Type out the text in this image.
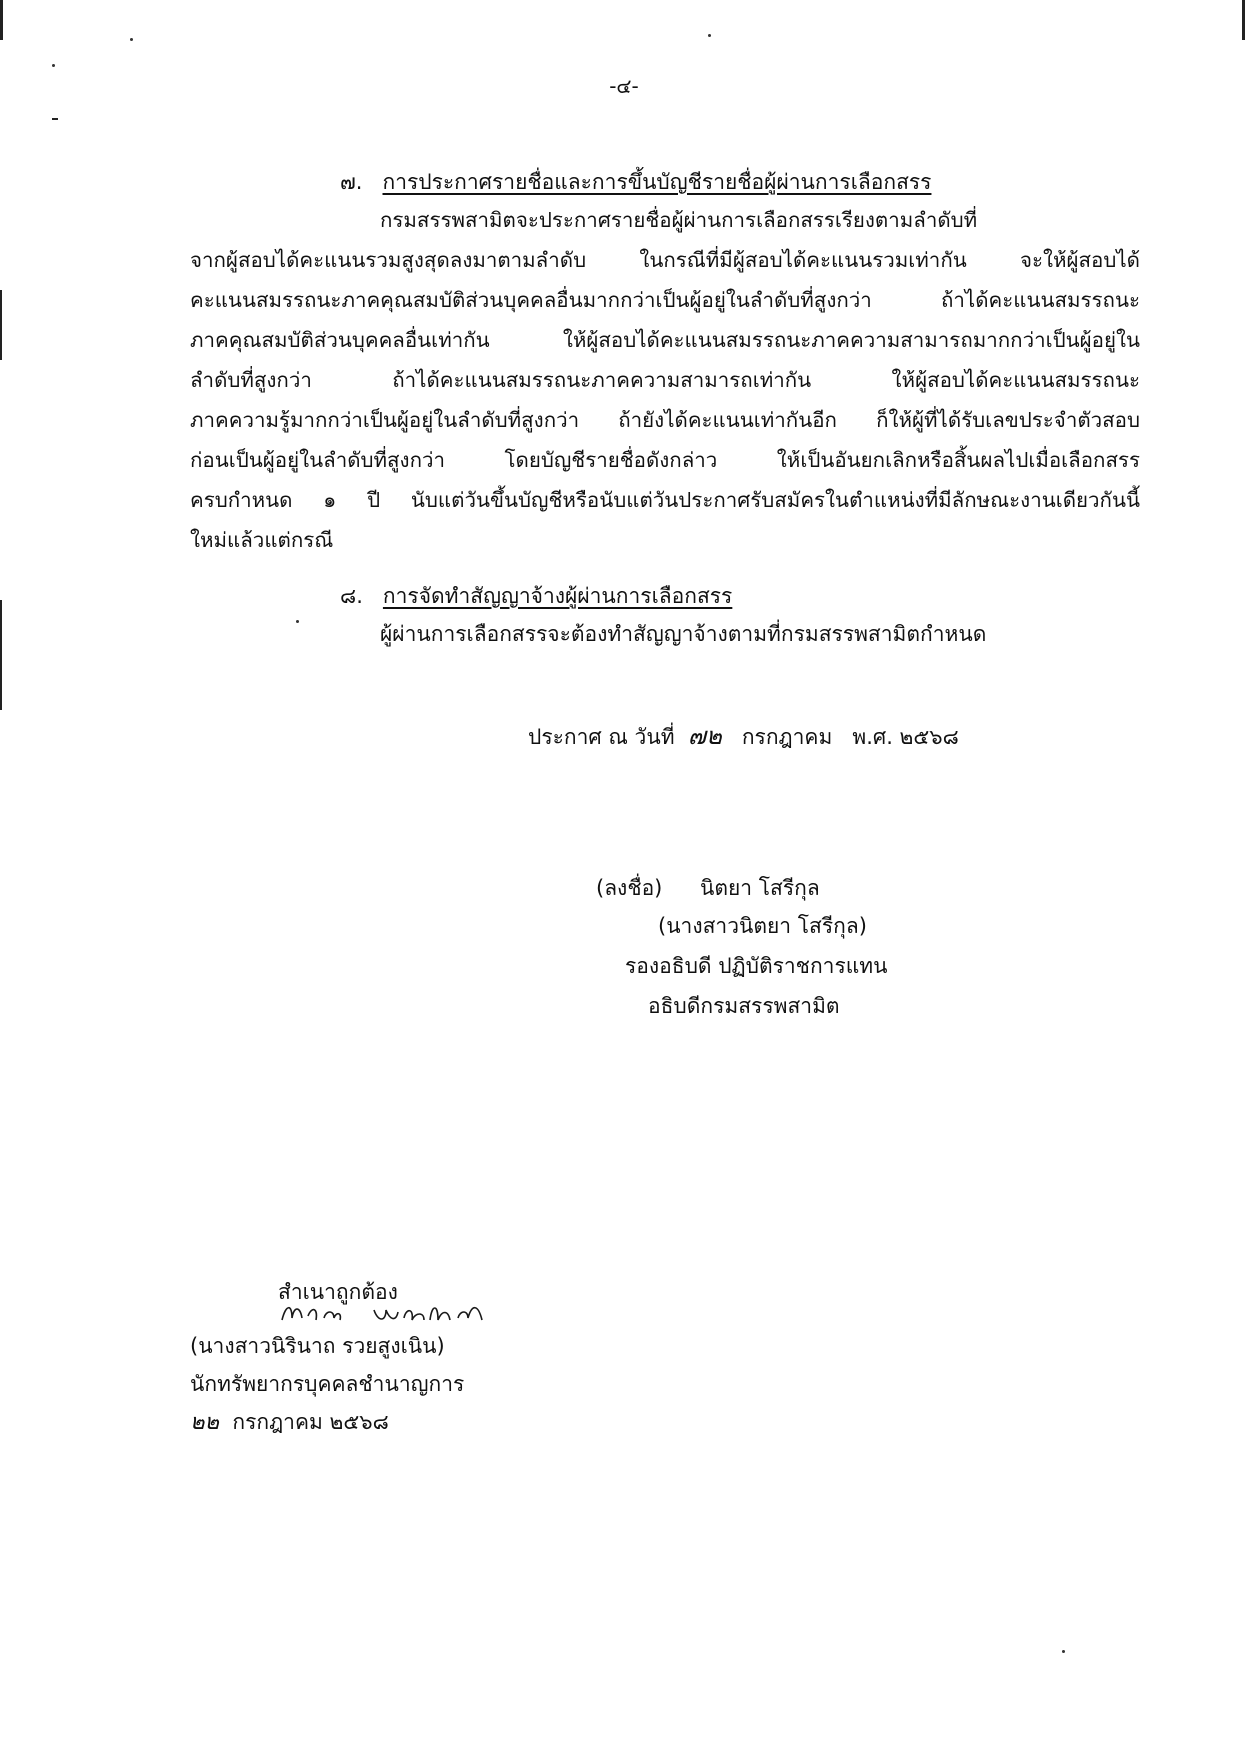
-๔-
๗. การประกาศรายชื่อและการขึ้นบัญชีรายชื่อผู้ผ่านการเลือกสรร
กรมสรรพสามิตจะประกาศรายชื่อผู้ผ่านการเลือกสรรเรียงตามลำดับที่
จากผู้สอบได้คะแนนรวมสูงสุดลงมาตามลำดับ ในกรณีที่มีผู้สอบได้คะแนนรวมเท่ากัน จะให้ผู้สอบได้
คะแนนสมรรถนะภาคคุณสมบัติส่วนบุคคลอื่นมากกว่าเป็นผู้อยู่ในลำดับที่สูงกว่า ถ้าได้คะแนนสมรรถนะ
ภาคคุณสมบัติส่วนบุคคลอื่นเท่ากัน ให้ผู้สอบได้คะแนนสมรรถนะภาคความสามารถมากกว่าเป็นผู้อยู่ใน
ลำดับที่สูงกว่า ถ้าได้คะแนนสมรรถนะภาคความสามารถเท่ากัน ให้ผู้สอบได้คะแนนสมรรถนะ
ภาคความรู้มากกว่าเป็นผู้อยู่ในลำดับที่สูงกว่า ถ้ายังได้คะแนนเท่ากันอีก ก็ให้ผู้ที่ได้รับเลขประจำตัวสอบ
ก่อนเป็นผู้อยู่ในลำดับที่สูงกว่า โดยบัญชีรายชื่อดังกล่าว ให้เป็นอันยกเลิกหรือสิ้นผลไปเมื่อเลือกสรร
ครบกำหนด ๑ ปี นับแต่วันขึ้นบัญชีหรือนับแต่วันประกาศรับสมัครในตำแหน่งที่มีลักษณะงานเดียวกันนี้
ใหม่แล้วแต่กรณี
๘. การจัดทำสัญญาจ้างผู้ผ่านการเลือกสรร
ผู้ผ่านการเลือกสรรจะต้องทำสัญญาจ้างตามที่กรมสรรพสามิตกำหนด
ประกาศ ณ วันที่ ๗๒ กรกฎาคม พ.ศ. ๒๕๖๘
(ลงชื่อ) นิตยา โสรีกุล
(นางสาวนิตยา โสรีกุล)
รองอธิบดี ปฏิบัติราชการแทน
อธิบดีกรมสรรพสามิต
สำเนาถูกต้อง
(นางสาวนิรินาถ รวยสูงเนิน)
นักทรัพยากรบุคคลชำนาญการ
๒๒ กรกฎาคม ๒๕๖๘
